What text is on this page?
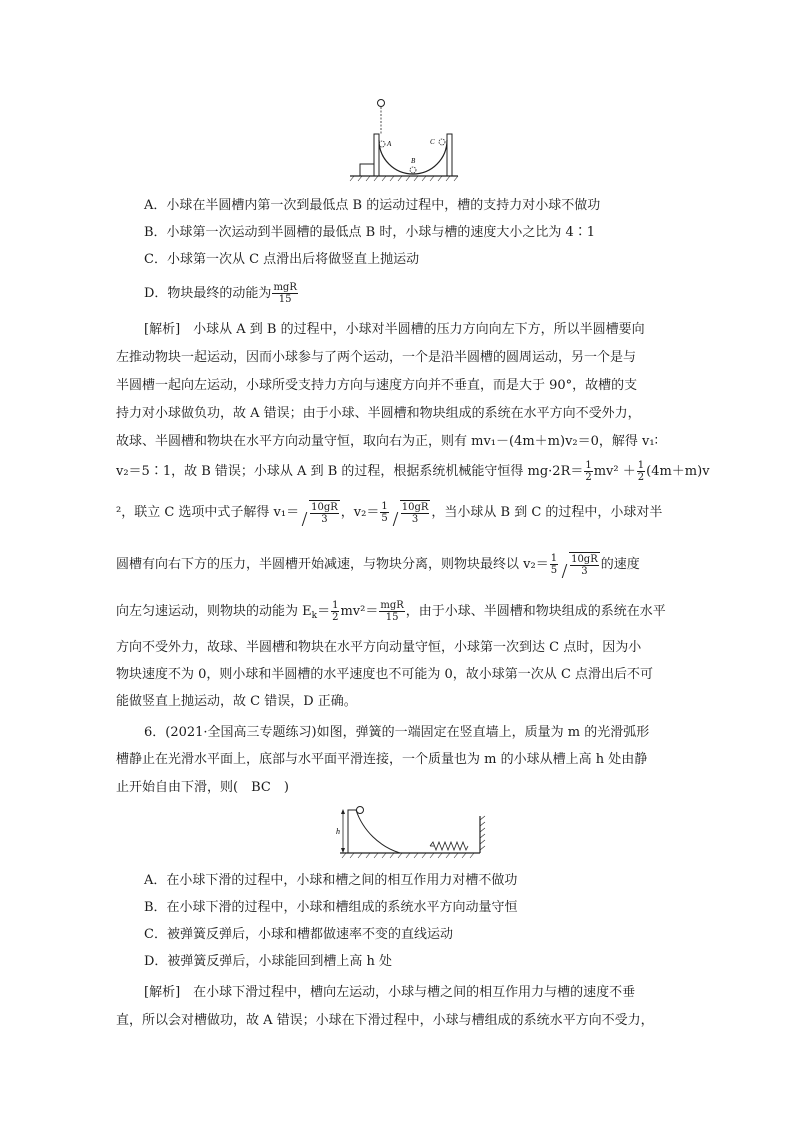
A
B
C
A．小球在半圆槽内第一次到最低点 B 的运动过程中，槽的支持力对小球不做功
B．小球第一次运动到半圆槽的最低点 B 时，小球与槽的速度大小之比为 4∶1
C．小球第一次从 C 点滑出后将做竖直上抛运动
D．物块最终的动能为 $\frac{\text{mgR}}{15}$
[解析]　小球从 A 到 B 的过程中，小球对半圆槽的压力方向向左下方，所以半圆槽要向
左推动物块一起运动，因而小球参与了两个运动，一个是沿半圆槽的圆周运动，另一个是与
半圆槽一起向左运动，小球所受支持力方向与速度方向并不垂直，而是大于 90°，故槽的支
持力对小球做负功，故 A 错误；由于小球、半圆槽和物块组成的系统在水平方向不受外力，
故球、半圆槽和物块在水平方向动量守恒，取向右为正，则有 mv₁－(4m＋m)v₂＝0，解得 v₁∶
v₂＝5∶1，故 B 错误；小球从 A 到 B 的过程，根据系统机械能守恒得 $mg\cdot 2R= \frac{1}{2} mv^2 + \frac{1}{2} (4m+m)v$
²，联立 C 选项中式子解得 $v_1= \frac{10gR}{3}$ ，$v_2= \frac{1}{5} \frac{10gR}{3}$ ，当小球从 B 到 C 的过程中，小球对半
圆槽有向右下方的压力，半圆槽开始减速，与物块分离，则物块最终以 $v_2= \frac{1}{5} \frac{10gR}{3}$ 的速度
向左匀速运动，则物块的动能为 $E_k= \frac{1}{2} mv^2= \frac{\text{mgR}}{15}$ ，由于小球、半圆槽和物块组成的系统在水平
方向不受外力，故球、半圆槽和物块在水平方向动量守恒，小球第一次到达 C 点时，因为小
物块速度不为 0，则小球和半圆槽的水平速度也不可能为 0，故小球第一次从 C 点滑出后不可
能做竖直上抛运动，故 C 错误，D 正确。
6．(2021·全国高三专题练习)如图，弹簧的一端固定在竖直墙上，质量为 m 的光滑弧形
槽静止在光滑水平面上，底部与水平面平滑连接，一个质量也为 m 的小球从槽上高 h 处由静
止开始自由下滑，则(　BC　)
h
A．在小球下滑的过程中，小球和槽之间的相互作用力对槽不做功
B．在小球下滑的过程中，小球和槽组成的系统水平方向动量守恒
C．被弹簧反弹后，小球和槽都做速率不变的直线运动
D．被弹簧反弹后，小球能回到槽上高 h 处
[解析]　在小球下滑过程中，槽向左运动，小球与槽之间的相互作用力与槽的速度不垂
直，所以会对槽做功，故 A 错误；小球在下滑过程中，小球与槽组成的系统水平方向不受力，
